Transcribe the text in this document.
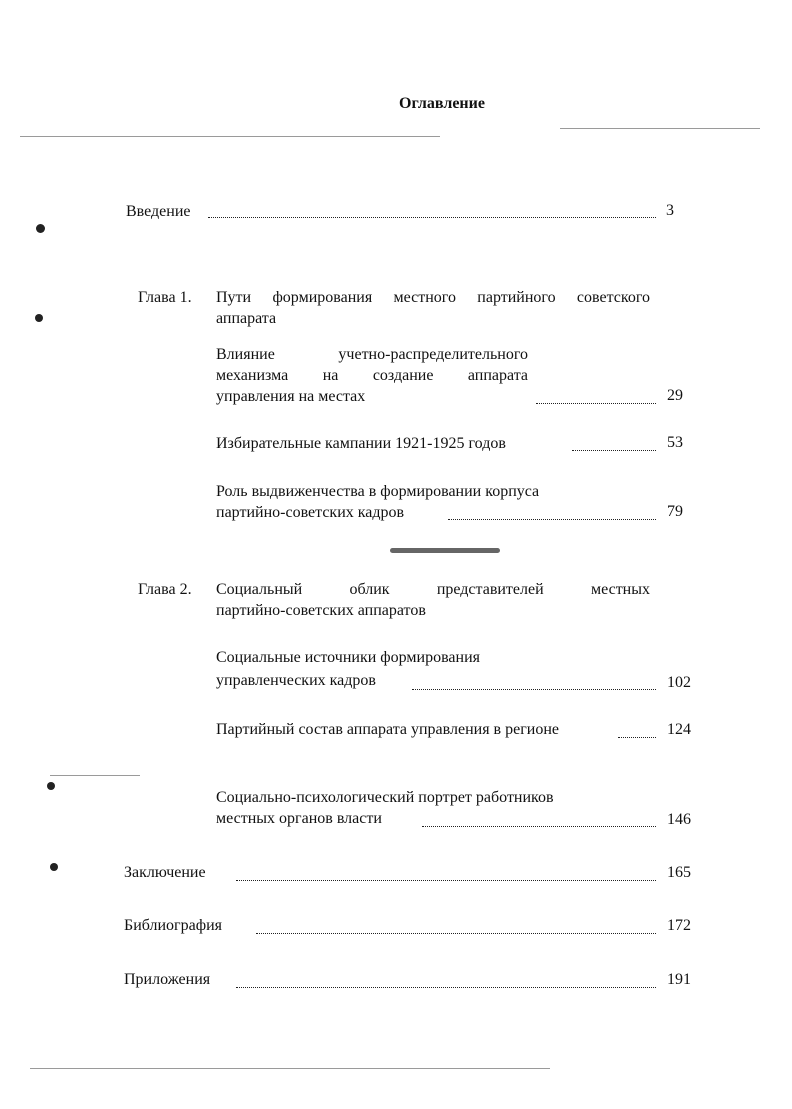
Оглавление
Введение	3
Глава 1. Пути формирования местного партийного советского
аппарата
Влияние учетно-распределительного
механизма на создание аппарата
управления на местах	29
Избирательные кампании 1921-1925 годов	53
Роль выдвиженчества в формировании корпуса
партийно-советских кадров	79
Глава 2. Социальный облик представителей местных
партийно-советских аппаратов
Социальные источники формирования
управленческих кадров	102
Партийный состав аппарата управления в регионе	124
Социально-психологический портрет работников
местных органов власти	146
Заключение	165
Библиография	172
Приложения	191
